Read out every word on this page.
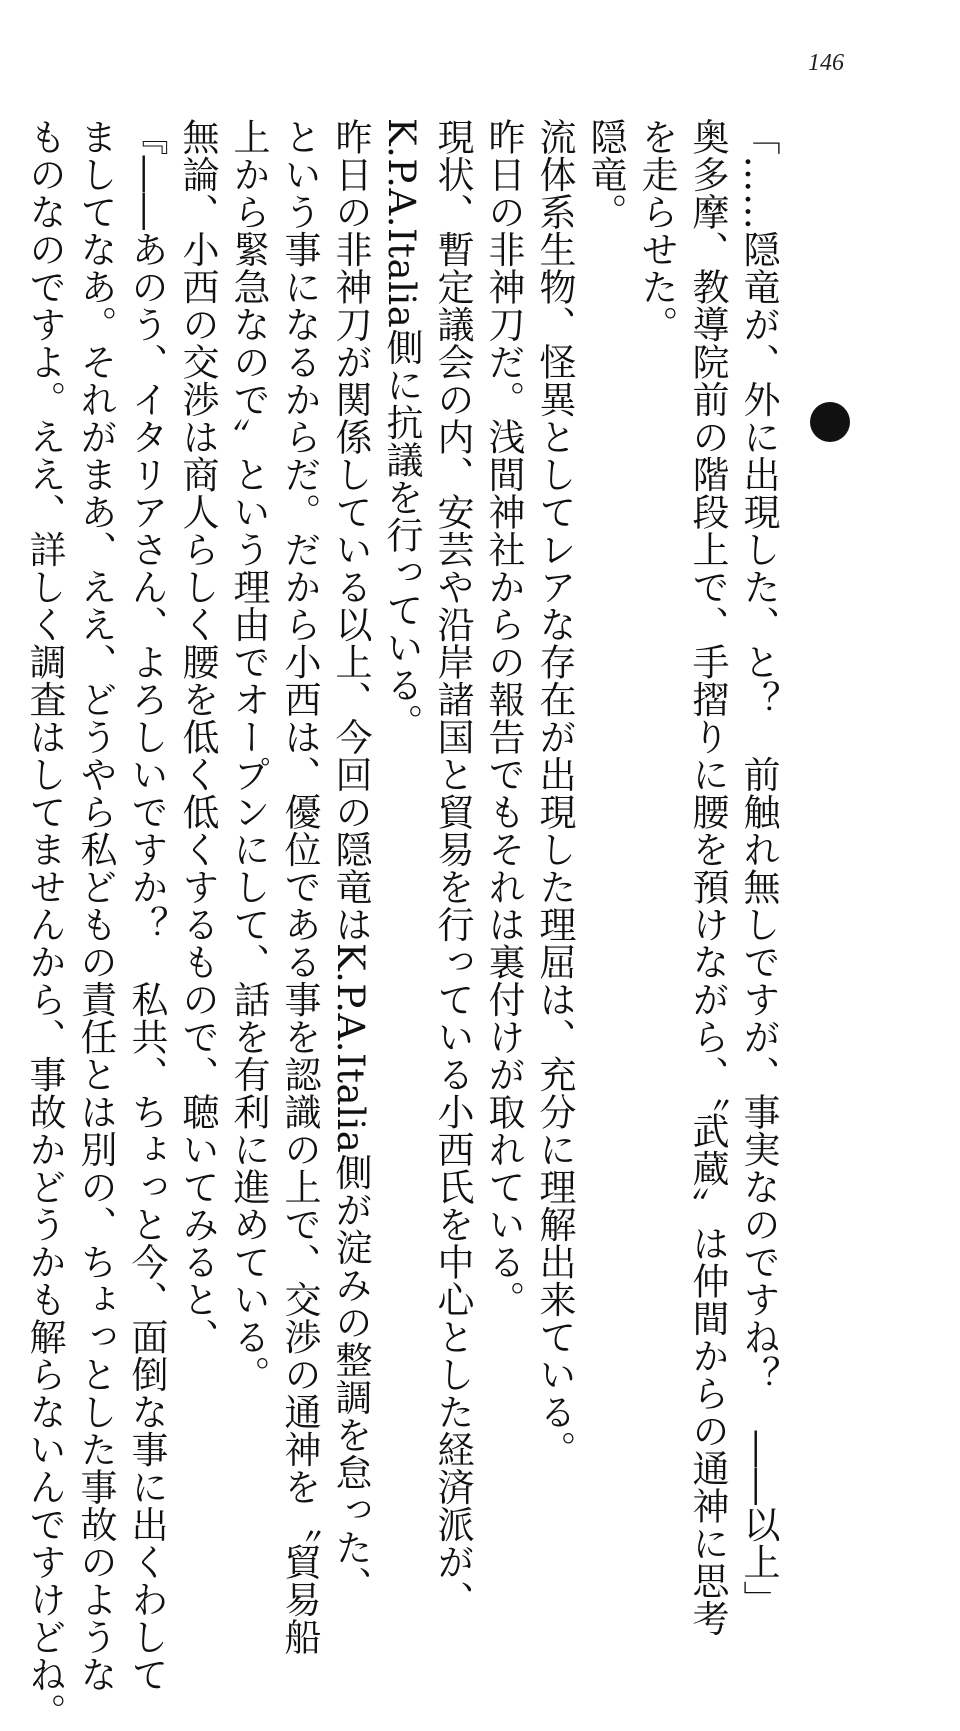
146

「……隠竜が、外に出現した、と？　前触れ無しですが、事実なのですね？　――以上」

奥多摩、教導院前の階段上で、手摺りに腰を預けながら、〝武蔵〟は仲間からの通神に思考

を走らせた。

隠竜。

流体系生物、怪異としてレアな存在が出現した理屈は、充分に理解出来ている。

昨日の非神刀だ。浅間神社からの報告でもそれは裏付けが取れている。

現状、暫定議会の内、安芸や沿岸諸国と貿易を行っている小西氏を中心とした経済派が、

K.P.A.Italia側に抗議を行っている。

昨日の非神刀が関係している以上、今回の隠竜はK.P.A.Italia側が淀みの整調を怠った、

という事になるからだ。だから小西は、優位である事を認識の上で、交渉の通神を〝貿易船

上から緊急なので〟という理由でオープンにして、話を有利に進めている。

無論、小西の交渉は商人らしく腰を低く低くするもので、聴いてみると、

『――あのう、イタリアさん、よろしいですか？　私共、ちょっと今、面倒な事に出くわして

ましてなあ。それがまあ、ええ、どうやら私どもの責任とは別の、ちょっとした事故のような

ものなのですよ。ええ、詳しく調査はしてませんから、事故かどうかも解らないんですけどね。
